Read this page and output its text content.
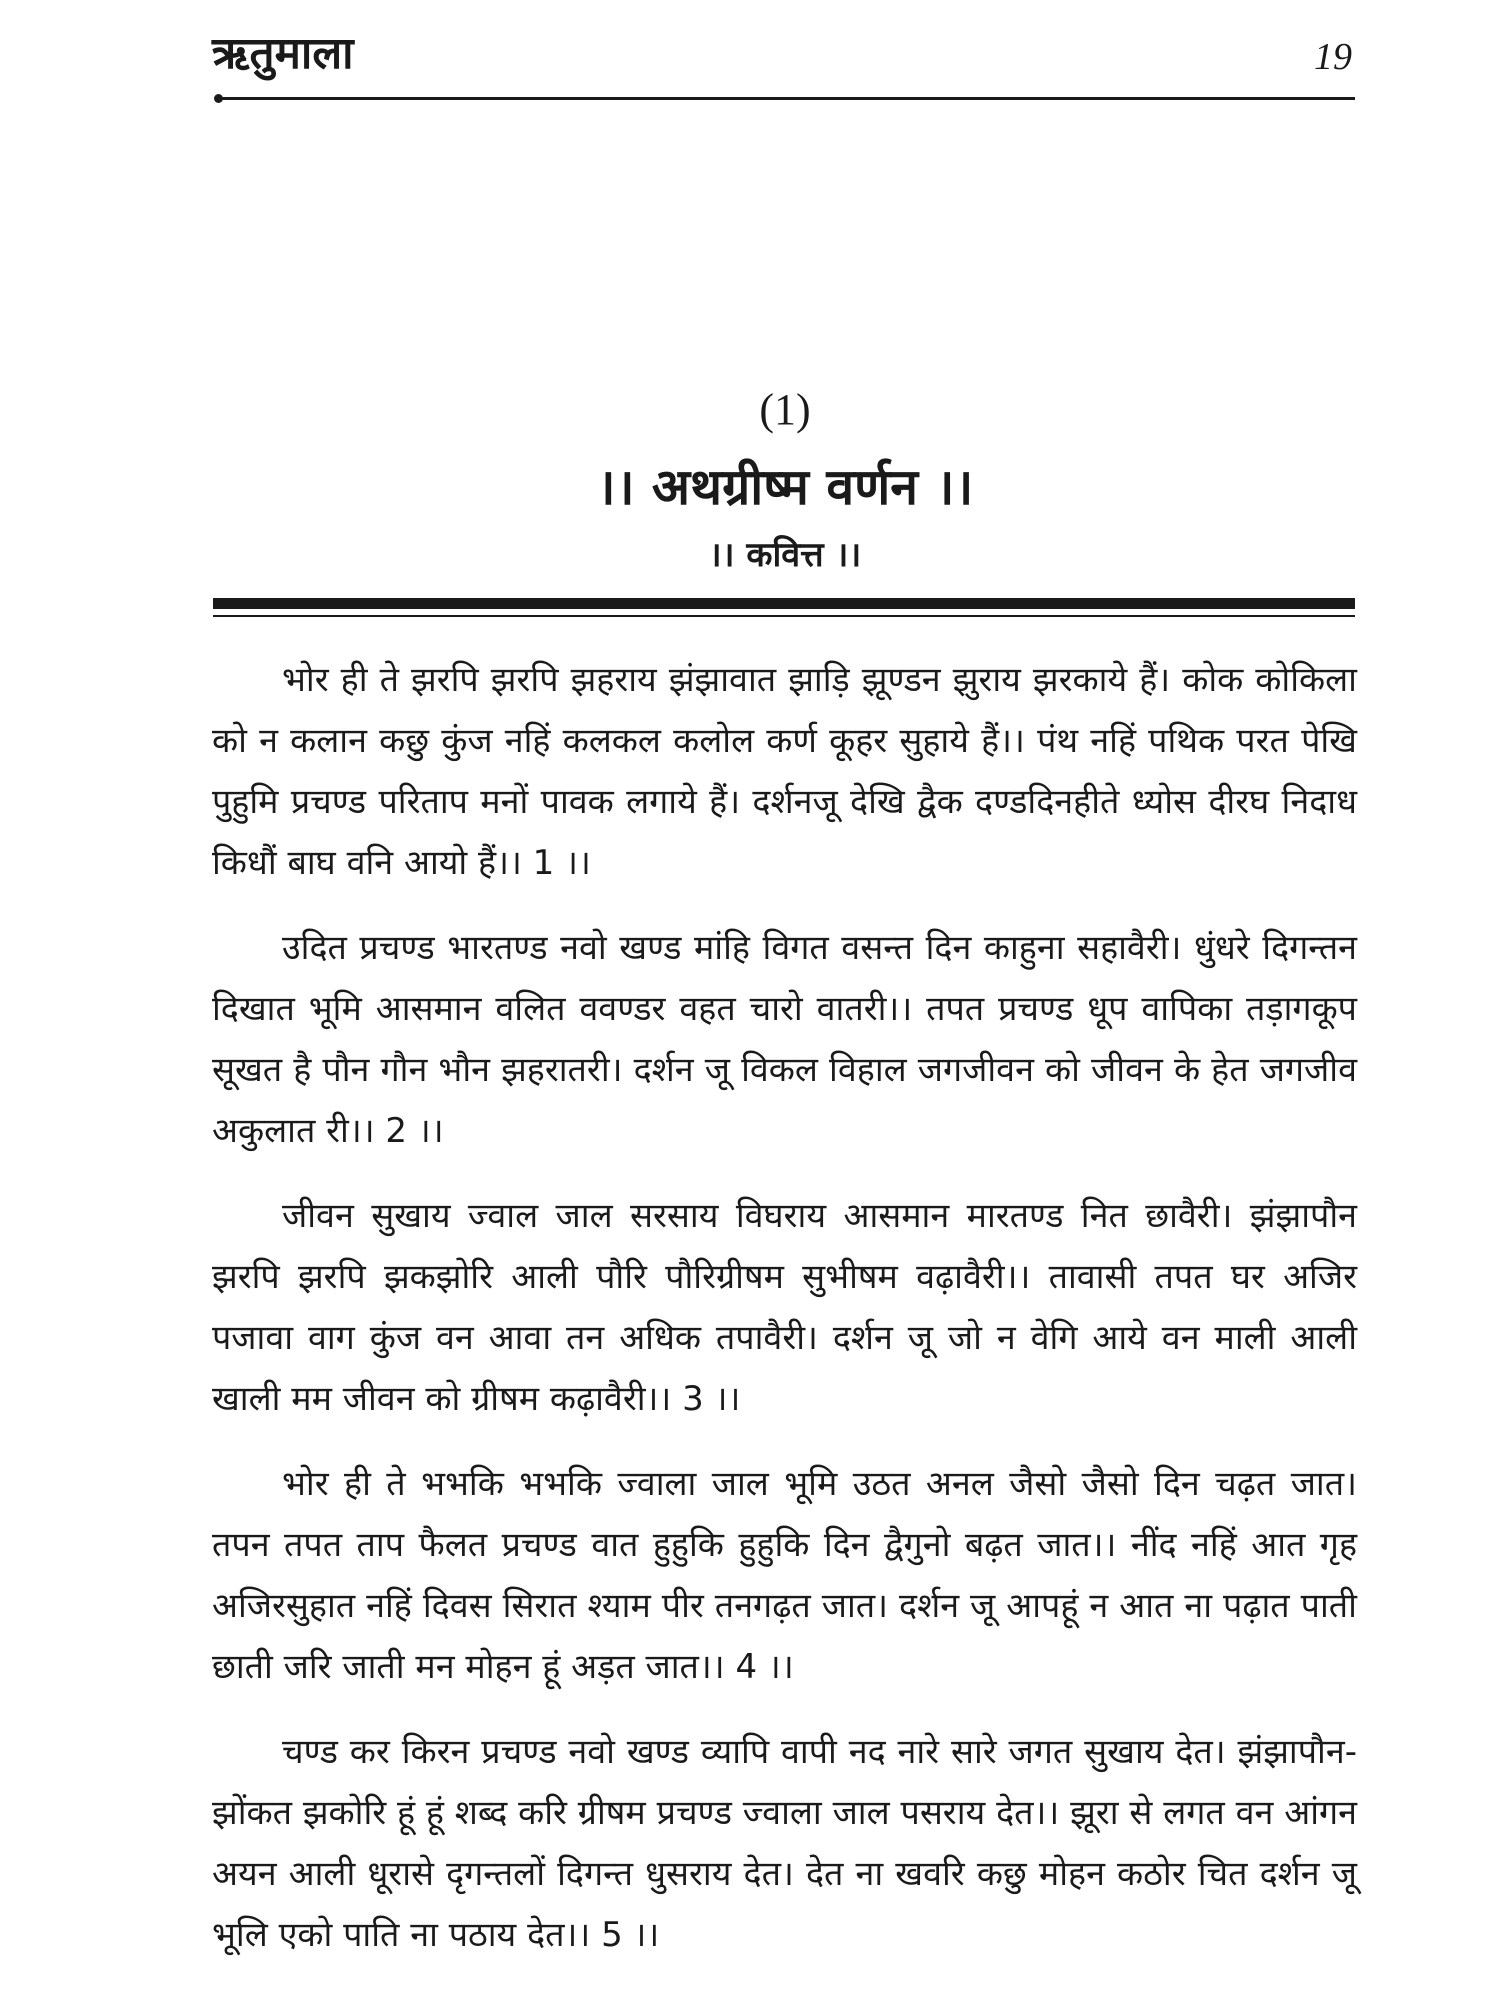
ऋतुमाला	19
(1)
।। अथग्रीष्म वर्णन ।।
।। कवित्त ।।

भोर ही ते झरपि झरपि झहराय झंझावात झाड़ि झूण्डन झुराय झरकाये हैं। कोक कोकिला को न कलान कछु कुंज नहिं कलकल कलोल कर्ण कूहर सुहाये हैं।। पंथ नहिं पथिक परत पेखि पुहुमि प्रचण्ड परिताप मनों पावक लगाये हैं। दर्शनजू देखि द्वैक दण्डदिनहीते ध्योस दीरघ निदाध किधौं बाघ वनि आयो हैं।। 1 ।।

उदित प्रचण्ड भारतण्ड नवो खण्ड मांहि विगत वसन्त दिन काहुना सहावैरी। धुंधरे दिगन्तन दिखात भूमि आसमान वलित ववण्डर वहत चारो वातरी।। तपत प्रचण्ड धूप वापिका तड़ागकूप सूखत है पौन गौन भौन झहरातरी। दर्शन जू विकल विहाल जगजीवन को जीवन के हेत जगजीव अकुलात री।। 2 ।।

जीवन सुखाय ज्वाल जाल सरसाय विघराय आसमान मारतण्ड नित छावैरी। झंझापौन झरपि झरपि झकझोरि आली पौरि पौरिग्रीषम सुभीषम वढ़ावैरी।। तावासी तपत घर अजिर पजावा वाग कुंज वन आवा तन अधिक तपावैरी। दर्शन जू जो न वेगि आये वन माली आली खाली मम जीवन को ग्रीषम कढ़ावैरी।। 3 ।।

भोर ही ते भभकि भभकि ज्वाला जाल भूमि उठत अनल जैसो जैसो दिन चढ़त जात। तपन तपत ताप फैलत प्रचण्ड वात हुहुकि हुहुकि दिन द्वैगुनो बढ़त जात।। नींद नहिं आत गृह अजिरसुहात नहिं दिवस सिरात श्याम पीर तनगढ़त जात। दर्शन जू आपहूं न आत ना पढ़ात पाती छाती जरि जाती मन मोहन हूं अड़त जात।। 4 ।।

चण्ड कर किरन प्रचण्ड नवो खण्ड व्यापि वापी नद नारे सारे जगत सुखाय देत। झंझापौन-झोंकत झकोरि हूं हूं शब्द करि ग्रीषम प्रचण्ड ज्वाला जाल पसराय देत।। झूरा से लगत वन आंगन अयन आली धूरासे दृगन्तलों दिगन्त धुसराय देत। देत ना खवरि कछु मोहन कठोर चित दर्शन जू भूलि एको पाति ना पठाय देत।। 5 ।।
